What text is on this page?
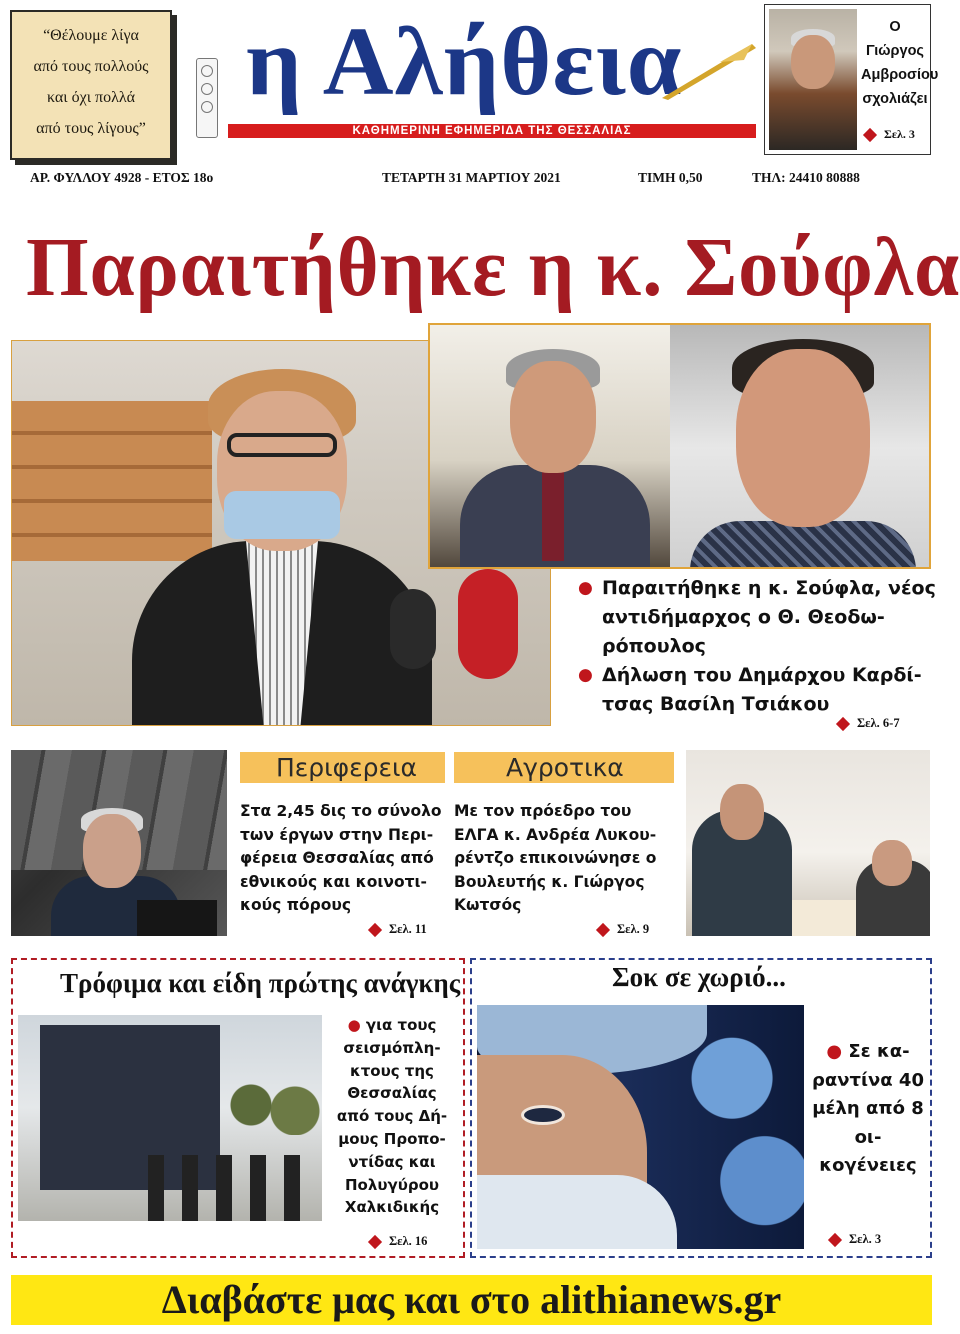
“Θέλουμε λίγα

από τους πολλούς

και όχι πολλά

από τους λίγους”

η Αλήθεια
ΚΑΘΗΜΕΡΙΝΗ ΕΦΗΜΕΡΙΔΑ ΤΗΣ ΘΕΣΣΑΛΙΑΣ
Ο Γιώργος
Αμβροσίου
σχολιάζει
Σελ. 3
ΑΡ. ΦΥΛΛΟΥ 4928 - ΕΤΟΣ 18ο	ΤΕΤΑΡΤΗ 31 ΜΑΡΤΙΟΥ 2021	ΤΙΜΗ 0,50	ΤΗΛ: 24410 80888
Παραιτήθηκε η κ. Σούφλα
● Παραιτήθηκε η κ. Σούφλα, νέος αντιδήμαρχος ο Θ. Θεοδω-ρόπουλος
● Δήλωση του Δημάρχου Καρδί-τσας Βασίλη Τσιάκου
Σελ. 6-7
Περιφερεια
Στα 2,45 δις το σύνολο των έργων στην Περι-φέρεια Θεσσαλίας από εθνικούς και κοινοτι-κούς πόρους
Σελ. 11
Αγροτικα
Με τον πρόεδρο του ΕΛΓΑ κ. Ανδρέα Λυκου-ρέντζο επικοινώνησε ο Βουλευτής κ. Γιώργος Κωτσός
Σελ. 9
Τρόφιμα και είδη πρώτης ανάγκης
● για τους σεισμόπλη-κτους της Θεσσαλίας από τους Δή-μους Προπο-ντίδας και Πολυγύρου Χαλκιδικής
Σελ. 16
Σοκ σε χωριό...
● Σε κα-ραντίνα 40 μέλη από 8 οι-κογένειες
Σελ. 3
Διαβάστε μας και στο alithianews.gr
